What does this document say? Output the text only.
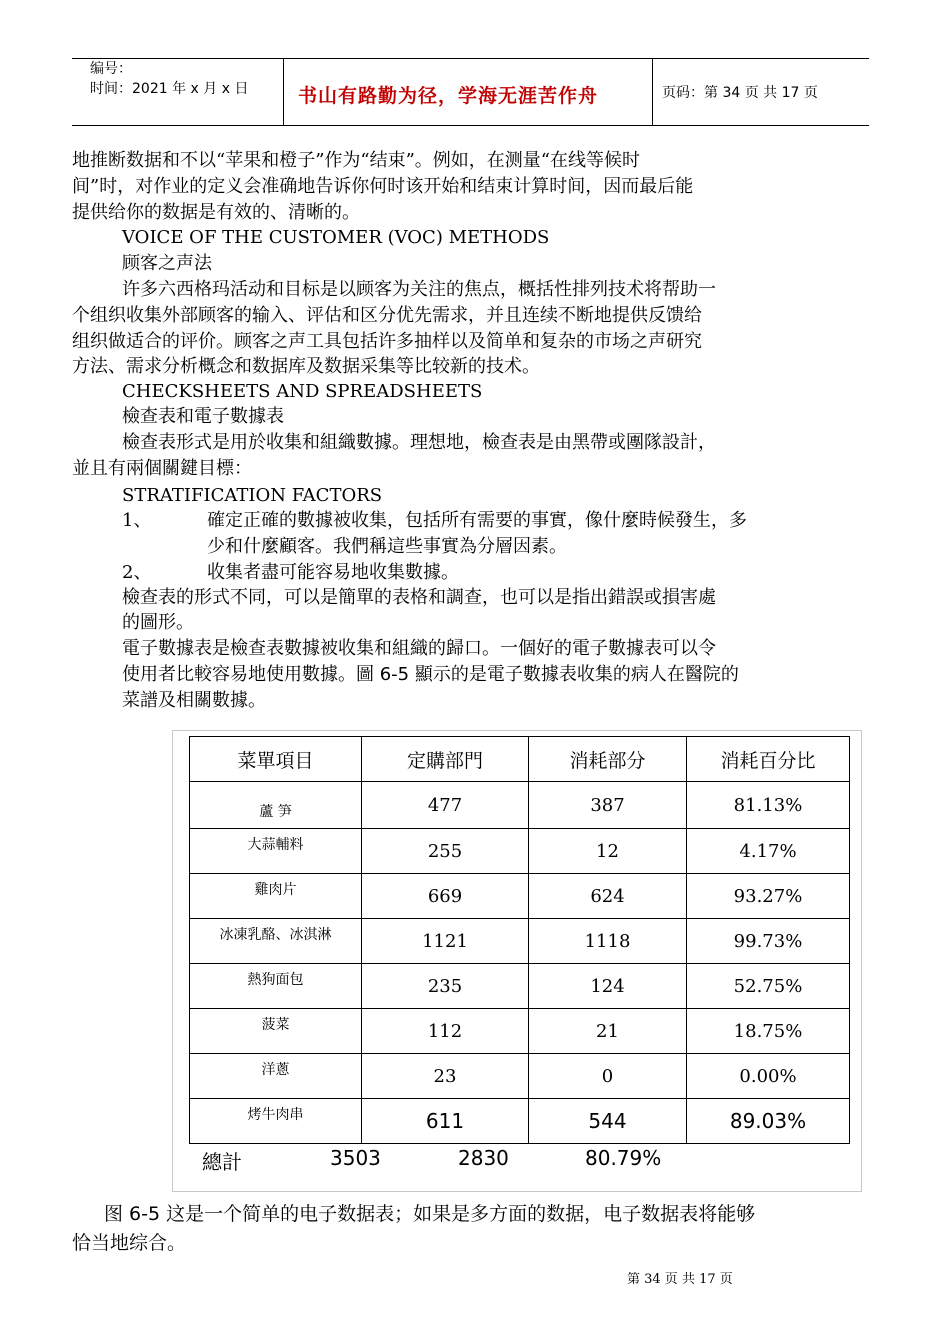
编号：
时间：2021 年 x 月 x 日	书山有路勤为径，学海无涯苦作舟	页码：第 34 页 共 17 页
地推断数据和不以“苹果和橙子”作为“结束”。例如，在测量“在线等候时
间”时，对作业的定义会准确地告诉你何时该开始和结束计算时间，因而最后能
提供给你的数据是有效的、清晰的。
VOICE OF THE CUSTOMER (VOC) METHODS
顾客之声法
许多六西格玛活动和目标是以顾客为关注的焦点，概括性排列技术将帮助一
个组织收集外部顾客的输入、评估和区分优先需求，并且连续不断地提供反馈给
组织做适合的评价。顾客之声工具包括许多抽样以及简单和复杂的市场之声研究
方法、需求分析概念和数据库及数据采集等比较新的技术。
CHECKSHEETS AND SPREADSHEETS
檢查表和電子數據表
檢查表形式是用於收集和組織數據。理想地，檢查表是由黑帶或團隊設計，
並且有兩個關鍵目標：
STRATIFICATION FACTORS
1、	確定正確的數據被收集，包括所有需要的事實，像什麼時候發生，多
少和什麼顧客。我們稱這些事實為分層因素。
2、	收集者盡可能容易地收集數據。
檢查表的形式不同，可以是簡單的表格和調查，也可以是指出錯誤或損害處
的圖形。
電子數據表是檢查表數據被收集和組織的歸口。一個好的電子數據表可以令
使用者比較容易地使用數據。圖 6-5 顯示的是電子數據表收集的病人在醫院的
菜譜及相關數據。
菜單項目	定購部門	消耗部分	消耗百分比
蘆 笋	477	387	81.13%
大蒜輔料	255	12	4.17%
雞肉片	669	624	93.27%
冰凍乳酪、冰淇淋	1121	1118	99.73%
熱狗面包	235	124	52.75%
菠菜	112	21	18.75%
洋蔥	23	0	0.00%
烤牛肉串	611	544	89.03%
總計	3503	2830	80.79%
图 6-5 这是一个简单的电子数据表；如果是多方面的数据，电子数据表将能够
恰当地综合。
第 34 页 共 17 页
